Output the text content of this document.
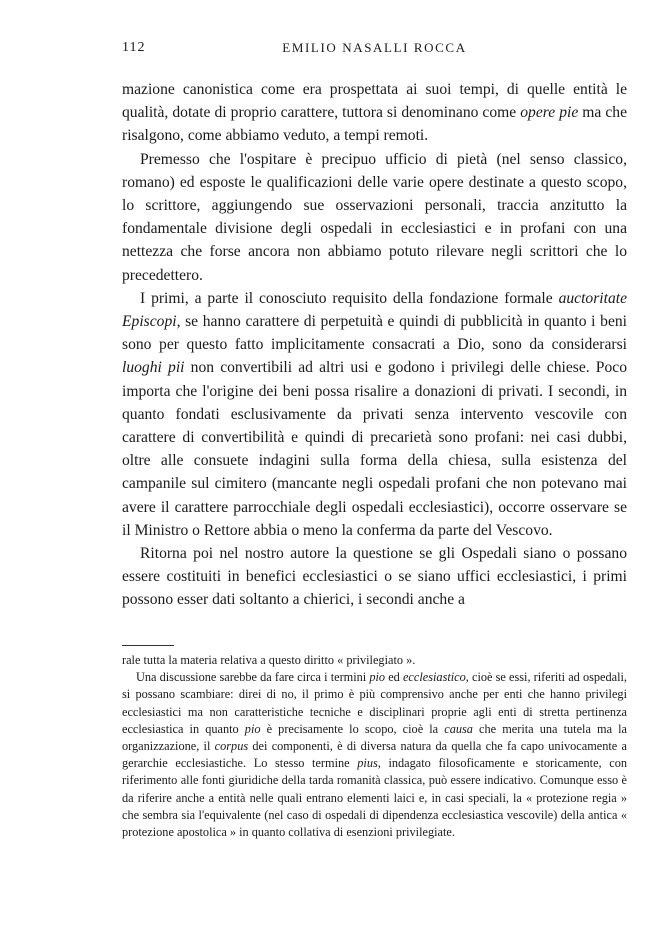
112	EMILIO NASALLI ROCCA

mazione canonistica come era prospettata ai suoi tempi, di quelle entità le qualità, dotate di proprio carattere, tuttora si denominano come opere pie ma che risalgono, come abbiamo veduto, a tempi remoti.

Premesso che l'ospitare è precipuo ufficio di pietà (nel senso classico, romano) ed esposte le qualificazioni delle varie opere destinate a questo scopo, lo scrittore, aggiungendo sue osservazioni personali, traccia anzitutto la fondamentale divisione degli ospedali in ecclesiastici e in profani con una nettezza che forse ancora non abbiamo potuto rilevare negli scrittori che lo precedettero.

I primi, a parte il conosciuto requisito della fondazione formale auctoritate Episcopi, se hanno carattere di perpetuità e quindi di pubblicità in quanto i beni sono per questo fatto implicitamente consacrati a Dio, sono da considerarsi luoghi pii non convertibili ad altri usi e godono i privilegi delle chiese. Poco importa che l'origine dei beni possa risalire a donazioni di privati. I secondi, in quanto fondati esclusivamente da privati senza intervento vescovile con carattere di convertibilità e quindi di precarietà sono profani: nei casi dubbi, oltre alle consuete indagini sulla forma della chiesa, sulla esistenza del campanile sul cimitero (mancante negli ospedali profani che non potevano mai avere il carattere parrocchiale degli ospedali ecclesiastici), occorre osservare se il Ministro o Rettore abbia o meno la conferma da parte del Vescovo.

Ritorna poi nel nostro autore la questione se gli Ospedali siano o possano essere costituiti in benefici ecclesiastici o se siano uffici ecclesiastici, i primi possono esser dati soltanto a chierici, i secondi anche a

rale tutta la materia relativa a questo diritto « privilegiato ».

Una discussione sarebbe da fare circa i termini pio ed ecclesiastico, cioè se essi, riferiti ad ospedali, si possano scambiare: direi di no, il primo è più comprensivo anche per enti che hanno privilegi ecclesiastici ma non caratteristiche tecniche e disciplinari proprie agli enti di stretta pertinenza ecclesiastica in quanto pio è precisamente lo scopo, cioè la causa che merita una tutela ma la organizzazione, il corpus dei componenti, è di diversa natura da quella che fa capo univocamente a gerarchie ecclesiastiche. Lo stesso termine pius, indagato filosoficamente e storicamente, con riferimento alle fonti giuridiche della tarda romanità classica, può essere indicativo. Comunque esso è da riferire anche a entità nelle quali entrano elementi laici e, in casi speciali, la « protezione regia » che sembra sia l'equivalente (nel caso di ospedali di dipendenza ecclesiastica vescovile) della antica « protezione apostolica » in quanto collativa di esenzioni privilegiate.
